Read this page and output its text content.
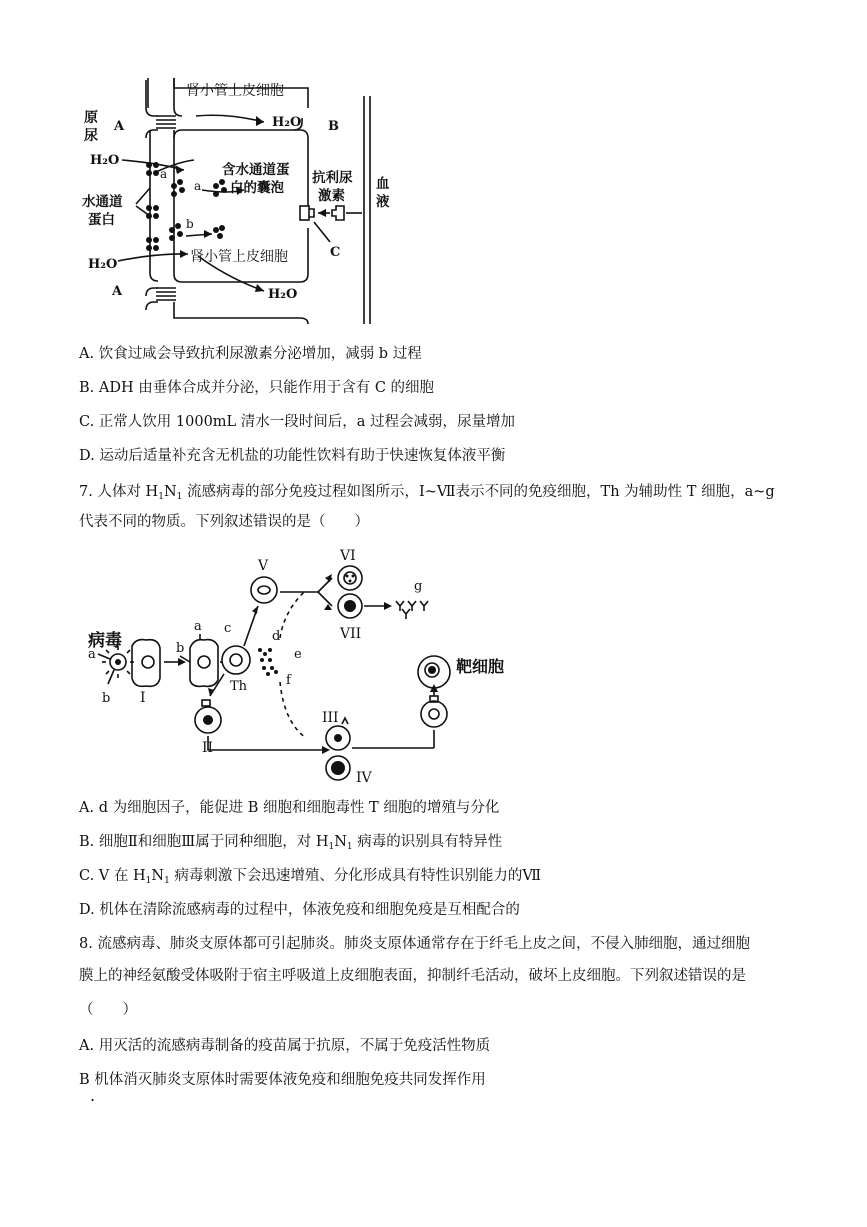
肾小管上皮细胞
原
尿
A	B
H₂O
H₂O
a
a
含水通道蛋
白的囊泡
水通道
蛋白	b
抗利尿
激素
血
液
肾小管上皮细胞
H₂O
C
A	H₂O
A. 饮食过咸会导致抗利尿激素分泌增加，减弱 b 过程
B. ADH 由垂体合成并分泌，只能作用于含有 C 的细胞
C. 正常人饮用 1000mL 清水一段时间后，a 过程会减弱，尿量增加
D. 运动后适量补充含无机盐的功能性饮料有助于快速恢复体液平衡
7. 人体对 $H_1N_1$ 流感病毒的部分免疫过程如图所示，Ⅰ~Ⅶ表示不同的免疫细胞，Th 为辅助性 T 细胞，a~g
代表不同的物质。下列叙述错误的是（　　）
病毒
a
b I
a
b
c
Th
d
e
f
II
V
VI
VII
g
III
IV
靶细胞
A. d 为细胞因子，能促进 B 细胞和细胞毒性 T 细胞的增殖与分化
B. 细胞Ⅱ和细胞Ⅲ属于同种细胞，对 $H_1N_1$ 病毒的识别具有特异性
C. V 在 $H_1N_1$ 病毒刺激下会迅速增殖、分化形成具有特性识别能力的Ⅶ
D. 机体在清除流感病毒的过程中，体液免疫和细胞免疫是互相配合的
8. 流感病毒、肺炎支原体都可引起肺炎。肺炎支原体通常存在于纤毛上皮之间，不侵入肺细胞，通过细胞
膜上的神经氨酸受体吸附于宿主呼吸道上皮细胞表面，抑制纤毛活动，破坏上皮细胞。下列叙述错误的是
（　　）
A. 用灭活的流感病毒制备的疫苗属于抗原，不属于免疫活性物质
B 机体消灭肺炎支原体时需要体液免疫和细胞免疫共同发挥作用
.
